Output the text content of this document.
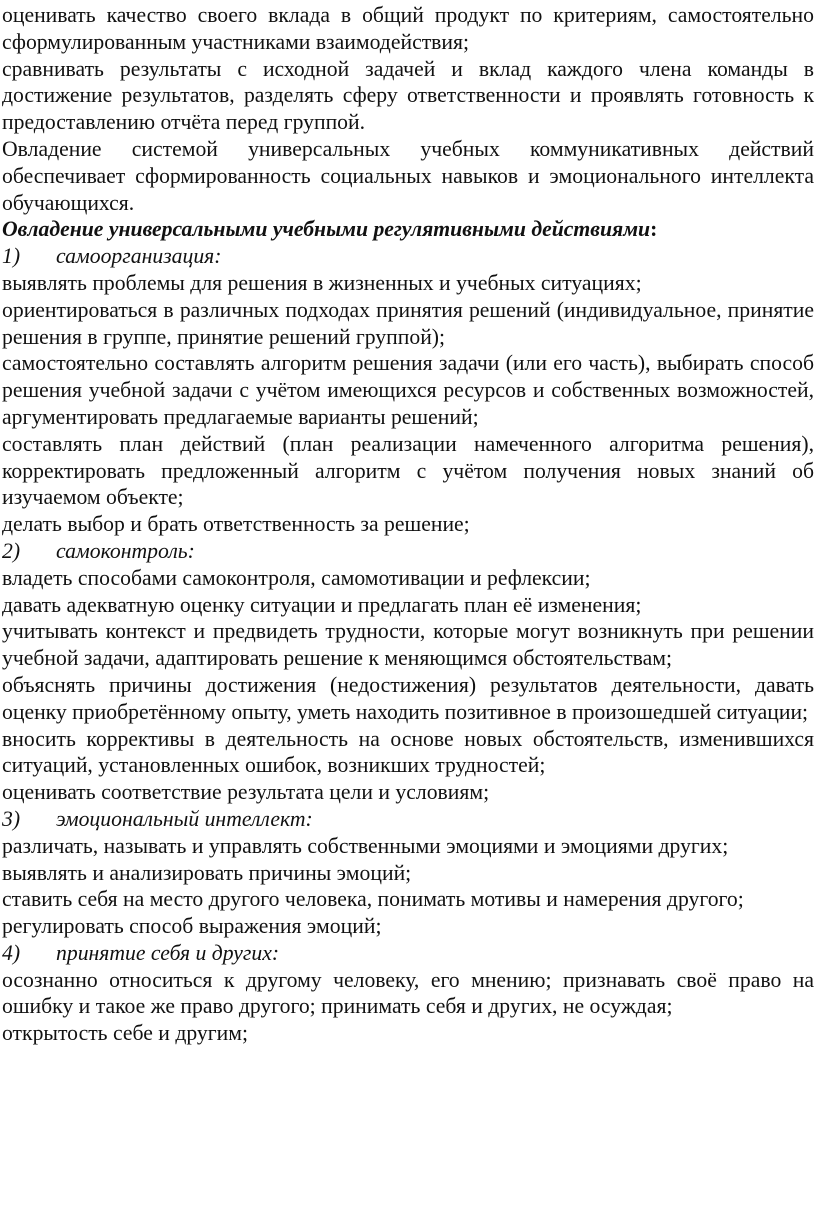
оценивать качество своего вклада в общий продукт по критериям, самостоятельно сформулированным участниками взаимодействия;

сравнивать результаты с исходной задачей и вклад каждого члена команды в достижение результатов, разделять сферу ответственности и проявлять готовность к предоставлению отчёта перед группой.

Овладение системой универсальных учебных коммуникативных действий обеспечивает сформированность социальных навыков и эмоционального интеллекта обучающихся.

Овладение универсальными учебными регулятивными действиями:

1) самоорганизация:

выявлять проблемы для решения в жизненных и учебных ситуациях;

ориентироваться в различных подходах принятия решений (индивидуальное, принятие решения в группе, принятие решений группой);

самостоятельно составлять алгоритм решения задачи (или его часть), выбирать способ решения учебной задачи с учётом имеющихся ресурсов и собственных возможностей, аргументировать предлагаемые варианты решений;

составлять план действий (план реализации намеченного алгоритма решения), корректировать предложенный алгоритм с учётом получения новых знаний об изучаемом объекте;

делать выбор и брать ответственность за решение;

2) самоконтроль:

владеть способами самоконтроля, самомотивации и рефлексии;

давать адекватную оценку ситуации и предлагать план её изменения;

учитывать контекст и предвидеть трудности, которые могут возникнуть при решении учебной задачи, адаптировать решение к меняющимся обстоятельствам;

объяснять причины достижения (недостижения) результатов деятельности, давать оценку приобретённому опыту, уметь находить позитивное в произошедшей ситуации;

вносить коррективы в деятельность на основе новых обстоятельств, изменившихся ситуаций, установленных ошибок, возникших трудностей;

оценивать соответствие результата цели и условиям;

3) эмоциональный интеллект:

различать, называть и управлять собственными эмоциями и эмоциями других;

выявлять и анализировать причины эмоций;

ставить себя на место другого человека, понимать мотивы и намерения другого;

регулировать способ выражения эмоций;

4) принятие себя и других:

осознанно относиться к другому человеку, его мнению; признавать своё право на ошибку и такое же право другого; принимать себя и других, не осуждая;

открытость себе и другим;
